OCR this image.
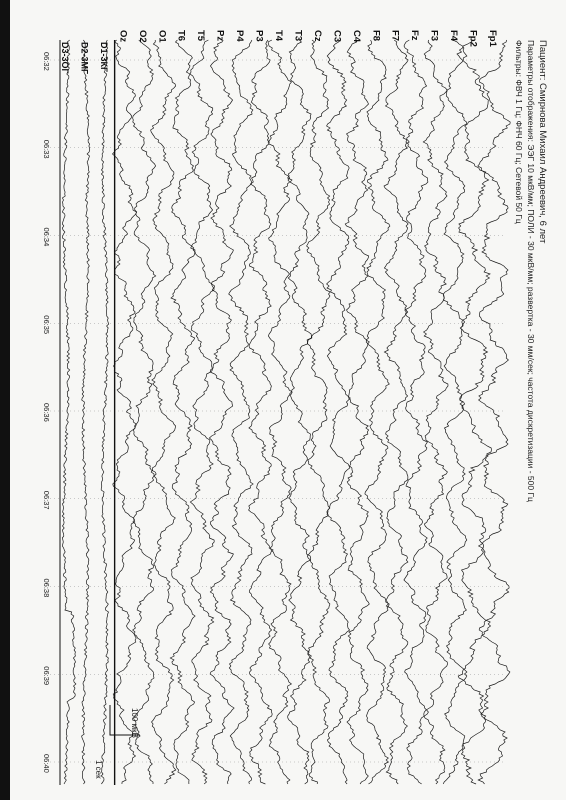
Fp1
Fp2
F4
F3
Fz
F7
F8
C4
C3
Cz
T3
T4
P3
P4
Pz
T5
T6
O1
O2
Oz
D1-3КГ
D2-3МГ
D3-3ОГ
06:32
06:33
06:34
06:35
06:36
06:37
06:38
06:39
06:40
Пациент: Смирнова Михаил Андреевич, 6 лет
Параметры отображения: ЭЭГ 10 мкВ/мм; ПОЛИ - 30 мкВ/мм; развертка - 30 мм/сек; частота дискретизации - 500 Гц
Фильтры: ФВЧ 1 Гц; ФНЧ 60 Гц; Сетевой 50 Гц
100 мкВ
1 сек
